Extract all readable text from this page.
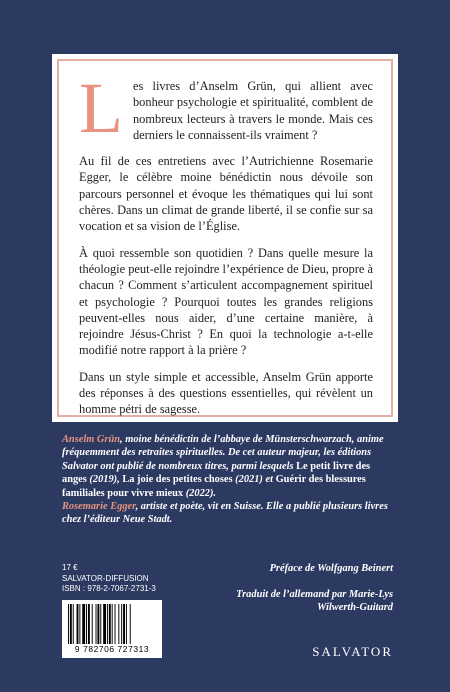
Les livres d’Anselm Grün, qui allient avec bonheur psychologie et spiritualité, comblent de nombreux lecteurs à travers le monde. Mais ces derniers le connaissent-ils vraiment ?

Au fil de ces entretiens avec l’Autrichienne Rosemarie Egger, le célèbre moine bénédictin nous dévoile son parcours personnel et évoque les thématiques qui lui sont chères. Dans un climat de grande liberté, il se confie sur sa vocation et sa vision de l’Église.

À quoi ressemble son quotidien ? Dans quelle mesure la théologie peut-elle rejoindre l’expérience de Dieu, propre à chacun ? Comment s’articulent accompagnement spirituel et psychologie ? Pourquoi toutes les grandes religions peuvent-elles nous aider, d’une certaine manière, à rejoindre Jésus-Christ ? En quoi la technologie a-t-elle modifié notre rapport à la prière ?

Dans un style simple et accessible, Anselm Grün apporte des réponses à des questions essentielles, qui révèlent un homme pétri de sagesse.

Anselm Grün, moine bénédictin de l’abbaye de Münsterschwarzach, anime fréquemment des retraites spirituelles. De cet auteur majeur, les éditions Salvator ont publié de nombreux titres, parmi lesquels Le petit livre des anges (2019), La joie des petites choses (2021) et Guérir des blessures familiales pour vivre mieux (2022).
Rosemarie Egger, artiste et poète, vit en Suisse. Elle a publié plusieurs livres chez l’éditeur Neue Stadt.
17 €
SALVATOR-DIFFUSION
ISBN : 978-2-7067-2731-3
Préface de Wolfgang Beinert
Traduit de l’allemand par Marie-Lys
Wilwerth-Guitard
9 782706 727313	SALVATOR
